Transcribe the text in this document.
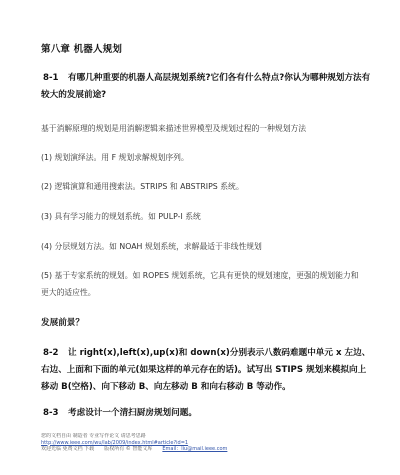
第八章 机器人规划
8-1 有哪几种重要的机器人高层规划系统?它们各有什么特点?你认为哪种规划方法有较大的发展前途?
基于消解原理的规划是用消解逻辑来描述世界模型及规划过程的一种规划方法
(1) 规划演绎法。用 F 规划求解规划序列。
(2) 逻辑演算和通用搜索法。STRIPS 和 ABSTRIPS 系统。
(3) 具有学习能力的规划系统。如 PULP-I 系统
(4) 分层规划方法。如 NOAH 规划系统，求解最适于非线性规划
(5) 基于专家系统的规划。如 ROPES 规划系统，它具有更快的规划速度，更强的规划能力和更大的适应性。
发展前景？
8-2 让 right(x),left(x),up(x)和 down(x)分别表示八数码难题中单元 x 左边、右边、上面和下面的单元(如果这样的单元存在的话)。试写出 STIPS 规划来模拟向上移动 B(空格)、向下移动 B、向左移动 B 和向右移动 B 等动作。
8-3 考虑设计一个清扫厨房规划问题。
您的文档自由 制造者 专业写作论文 请思考思路
http://www.ieee.com/wu/lab/2009/index.html#article?id=1
欢迎光临 免费文档 下载 版权所有 © 智能文库 Email：liu@mail.ieee.com
